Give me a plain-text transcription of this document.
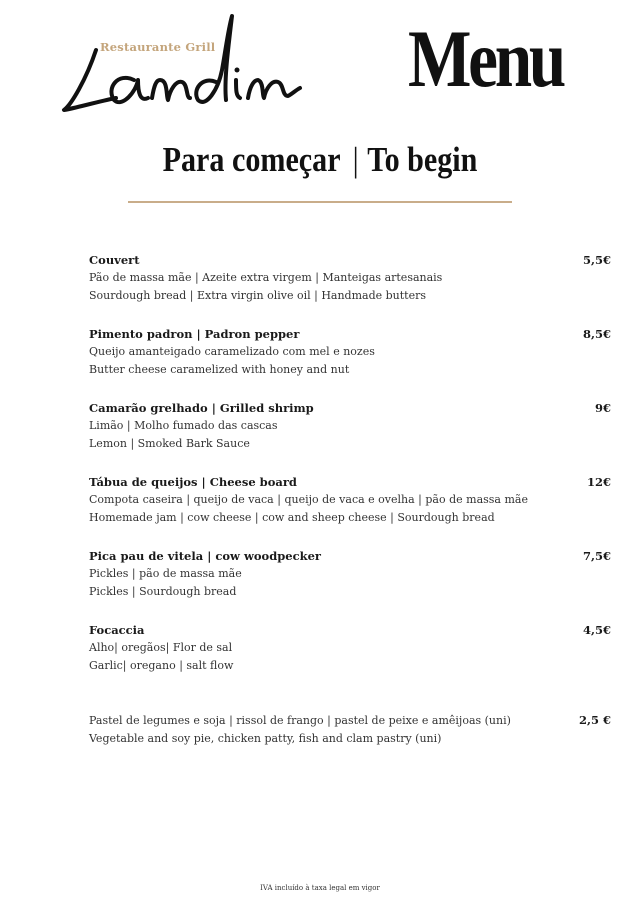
Restaurante Grill Menu
Para começar | To begin
Couvert	5,5€
Pão de massa mãe | Azeite extra virgem | Manteigas artesanais
Sourdough bread | Extra virgin olive oil | Handmade butters
Pimento padron | Padron pepper	8,5€
Queijo amanteigado caramelizado com mel e nozes
Butter cheese caramelized with honey and nut
Camarão grelhado | Grilled shrimp	9€
Limão | Molho fumado das cascas
Lemon | Smoked Bark Sauce
Tábua de queijos | Cheese board	12€
Compota caseira | queijo de vaca | queijo de vaca e ovelha | pão de massa mãe
Homemade jam | cow cheese | cow and sheep cheese | Sourdough bread
Pica pau de vitela | cow woodpecker	7,5€
Pickles | pão de massa mãe
Pickles | Sourdough bread
Focaccia	4,5€
Alho| oregãos| Flor de sal
Garlic| oregano | salt flow
Pastel de legumes e soja | rissol de frango | pastel de peixe e amêijoas (uni)	2,5 €
Vegetable and soy pie, chicken patty, fish and clam pastry (uni)
IVA incluído à taxa legal em vigor
